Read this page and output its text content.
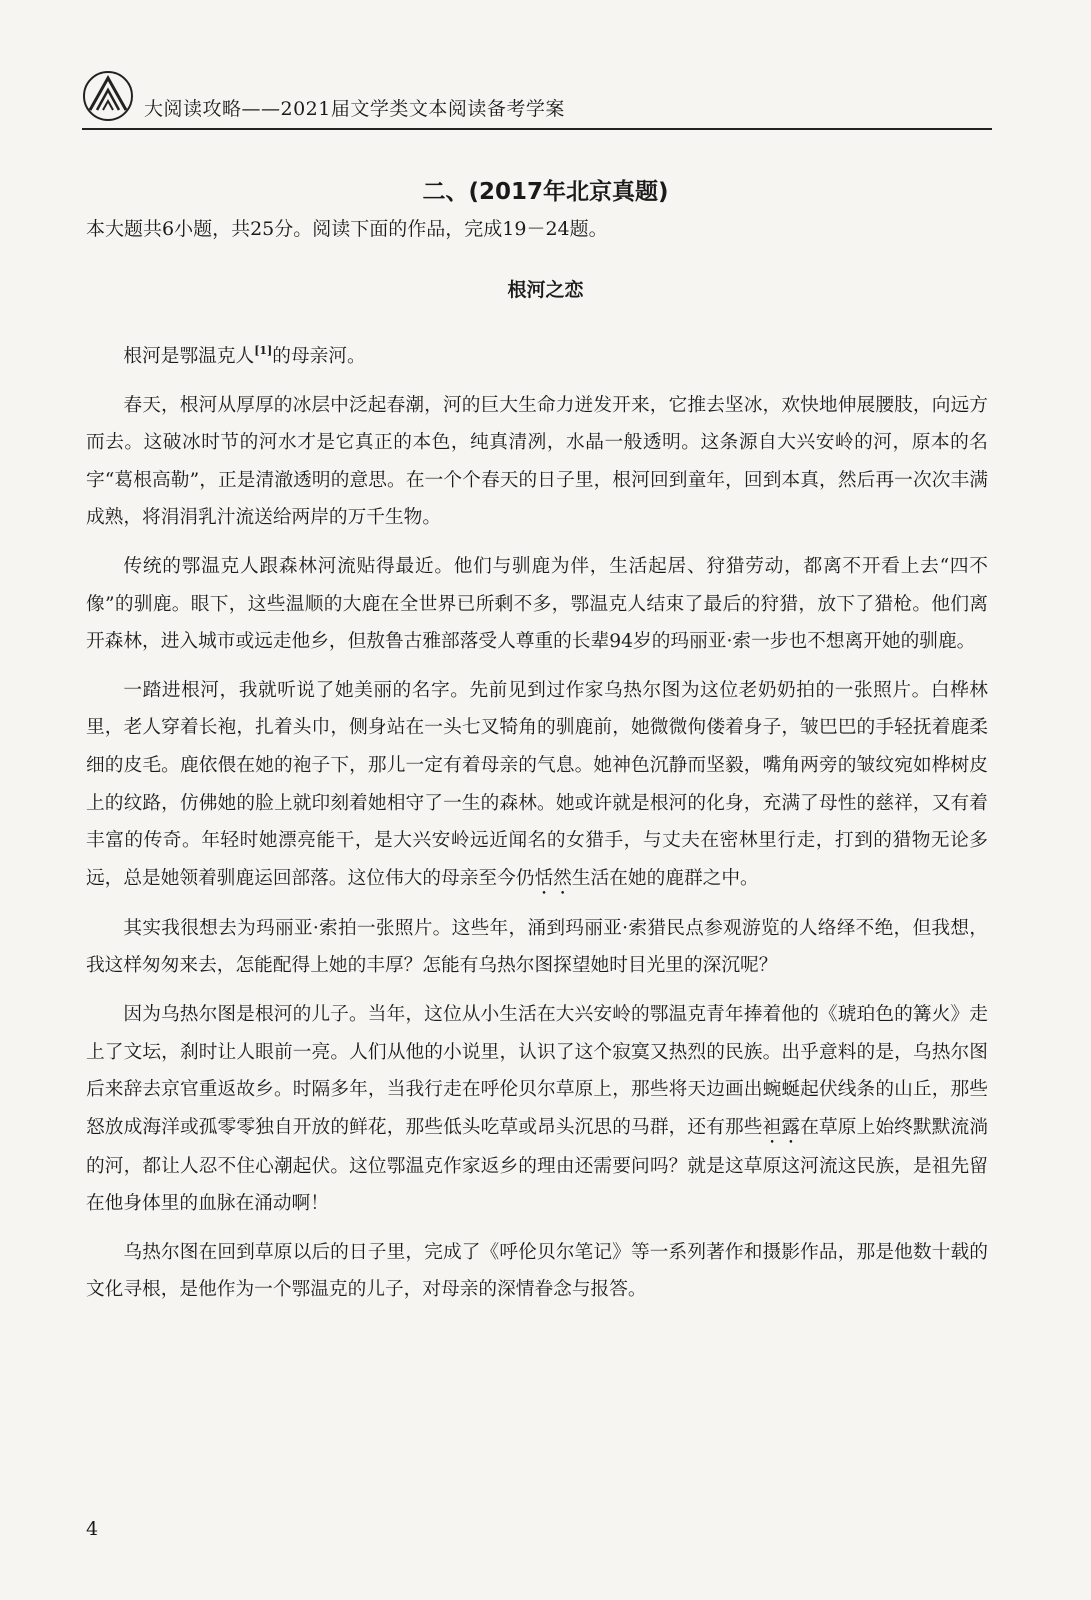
大阅读攻略——2021届文学类文本阅读备考学案
二、(2017年北京真题)
本大题共6小题，共25分。阅读下面的作品，完成19－24题。
根河之恋

根河是鄂温克人[1]的母亲河。

春天，根河从厚厚的冰层中泛起春潮，河的巨大生命力迸发开来，它推去坚冰，欢快地伸展腰肢，向远方而去。这破冰时节的河水才是它真正的本色，纯真清冽，水晶一般透明。这条源自大兴安岭的河，原本的名字“葛根高勒”，正是清澈透明的意思。在一个个春天的日子里，根河回到童年，回到本真，然后再一次次丰满成熟，将涓涓乳汁流送给两岸的万千生物。

传统的鄂温克人跟森林河流贴得最近。他们与驯鹿为伴，生活起居、狩猎劳动，都离不开看上去“四不像”的驯鹿。眼下，这些温顺的大鹿在全世界已所剩不多，鄂温克人结束了最后的狩猎，放下了猎枪。他们离开森林，进入城市或远走他乡，但敖鲁古雅部落受人尊重的长辈94岁的玛丽亚·索一步也不想离开她的驯鹿。

一踏进根河，我就听说了她美丽的名字。先前见到过作家乌热尔图为这位老奶奶拍的一张照片。白桦林里，老人穿着长袍，扎着头巾，侧身站在一头七叉犄角的驯鹿前，她微微佝偻着身子，皱巴巴的手轻抚着鹿柔细的皮毛。鹿依偎在她的袍子下，那儿一定有着母亲的气息。她神色沉静而坚毅，嘴角两旁的皱纹宛如桦树皮上的纹路，仿佛她的脸上就印刻着她相守了一生的森林。她或许就是根河的化身，充满了母性的慈祥，又有着丰富的传奇。年轻时她漂亮能干，是大兴安岭远近闻名的女猎手，与丈夫在密林里行走，打到的猎物无论多远，总是她领着驯鹿运回部落。这位伟大的母亲至今仍恬然生活在她的鹿群之中。

其实我很想去为玛丽亚·索拍一张照片。这些年，涌到玛丽亚·索猎民点参观游览的人络绎不绝，但我想，我这样匆匆来去，怎能配得上她的丰厚？怎能有乌热尔图探望她时目光里的深沉呢？

因为乌热尔图是根河的儿子。当年，这位从小生活在大兴安岭的鄂温克青年捧着他的《琥珀色的篝火》走上了文坛，刹时让人眼前一亮。人们从他的小说里，认识了这个寂寞又热烈的民族。出乎意料的是，乌热尔图后来辞去京官重返故乡。时隔多年，当我行走在呼伦贝尔草原上，那些将天边画出蜿蜒起伏线条的山丘，那些怒放成海洋或孤零零独自开放的鲜花，那些低头吃草或昂头沉思的马群，还有那些袒露在草原上始终默默流淌的河，都让人忍不住心潮起伏。这位鄂温克作家返乡的理由还需要问吗？就是这草原这河流这民族，是祖先留在他身体里的血脉在涌动啊！

乌热尔图在回到草原以后的日子里，完成了《呼伦贝尔笔记》等一系列著作和摄影作品，那是他数十载的文化寻根，是他作为一个鄂温克的儿子，对母亲的深情眷念与报答。

4
